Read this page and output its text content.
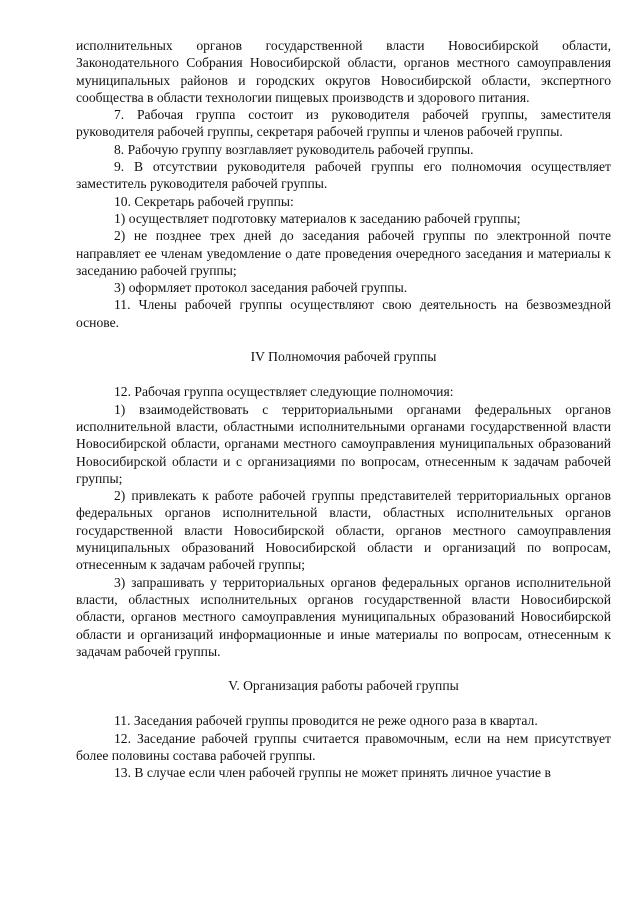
исполнительных органов государственной власти Новосибирской области, Законодательного Собрания Новосибирской области, органов местного самоуправления муниципальных районов и городских округов Новосибирской области, экспертного сообщества в области технологии пищевых производств и здорового питания.

7. Рабочая группа состоит из руководителя рабочей группы, заместителя руководителя рабочей группы, секретаря рабочей группы и членов рабочей группы.

8. Рабочую группу возглавляет руководитель рабочей группы.

9. В отсутствии руководителя рабочей группы его полномочия осуществляет заместитель руководителя рабочей группы.

10. Секретарь рабочей группы:

1) осуществляет подготовку материалов к заседанию рабочей группы;

2) не позднее трех дней до заседания рабочей группы по электронной почте направляет ее членам уведомление о дате проведения очередного заседания и материалы к заседанию рабочей группы;

3) оформляет протокол заседания рабочей группы.

11. Члены рабочей группы осуществляют свою деятельность на безвозмездной основе.

IV Полномочия рабочей группы

12. Рабочая группа осуществляет следующие полномочия:

1) взаимодействовать с территориальными органами федеральных органов исполнительной власти, областными исполнительными органами государственной власти Новосибирской области, органами местного самоуправления муниципальных образований Новосибирской области и с организациями по вопросам, отнесенным к задачам рабочей группы;

2) привлекать к работе рабочей группы представителей территориальных органов федеральных органов исполнительной власти, областных исполнительных органов государственной власти Новосибирской области, органов местного самоуправления муниципальных образований Новосибирской области и организаций по вопросам, отнесенным к задачам рабочей группы;

3) запрашивать у территориальных органов федеральных органов исполнительной власти, областных исполнительных органов государственной власти Новосибирской области, органов местного самоуправления муниципальных образований Новосибирской области и организаций информационные и иные материалы по вопросам, отнесенным к задачам рабочей группы.

V. Организация работы рабочей группы

11. Заседания рабочей группы проводится не реже одного раза в квартал.

12. Заседание рабочей группы считается правомочным, если на нем присутствует более половины состава рабочей группы.

13. В случае если член рабочей группы не может принять личное участие в
